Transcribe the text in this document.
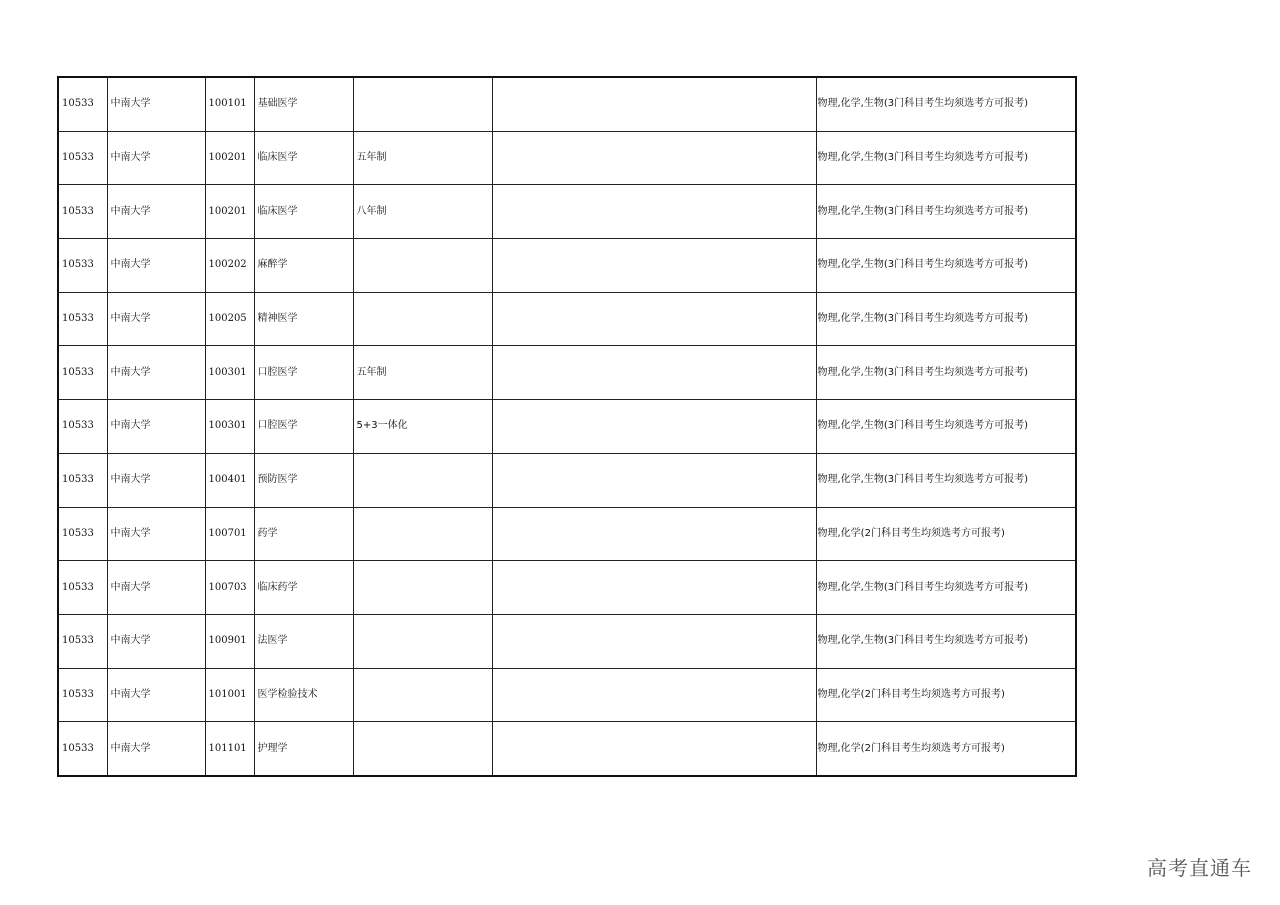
10533	中南大学	100101	基础医学			物理,化学,生物(3门科目考生均须选考方可报考)
10533	中南大学	100201	临床医学	五年制		物理,化学,生物(3门科目考生均须选考方可报考)
10533	中南大学	100201	临床医学	八年制		物理,化学,生物(3门科目考生均须选考方可报考)
10533	中南大学	100202	麻醉学			物理,化学,生物(3门科目考生均须选考方可报考)
10533	中南大学	100205	精神医学			物理,化学,生物(3门科目考生均须选考方可报考)
10533	中南大学	100301	口腔医学	五年制		物理,化学,生物(3门科目考生均须选考方可报考)
10533	中南大学	100301	口腔医学	5+3一体化		物理,化学,生物(3门科目考生均须选考方可报考)
10533	中南大学	100401	预防医学			物理,化学,生物(3门科目考生均须选考方可报考)
10533	中南大学	100701	药学			物理,化学(2门科目考生均须选考方可报考)
10533	中南大学	100703	临床药学			物理,化学,生物(3门科目考生均须选考方可报考)
10533	中南大学	100901	法医学			物理,化学,生物(3门科目考生均须选考方可报考)
10533	中南大学	101001	医学检验技术			物理,化学(2门科目考生均须选考方可报考)
10533	中南大学	101101	护理学			物理,化学(2门科目考生均须选考方可报考)
高考直通车
